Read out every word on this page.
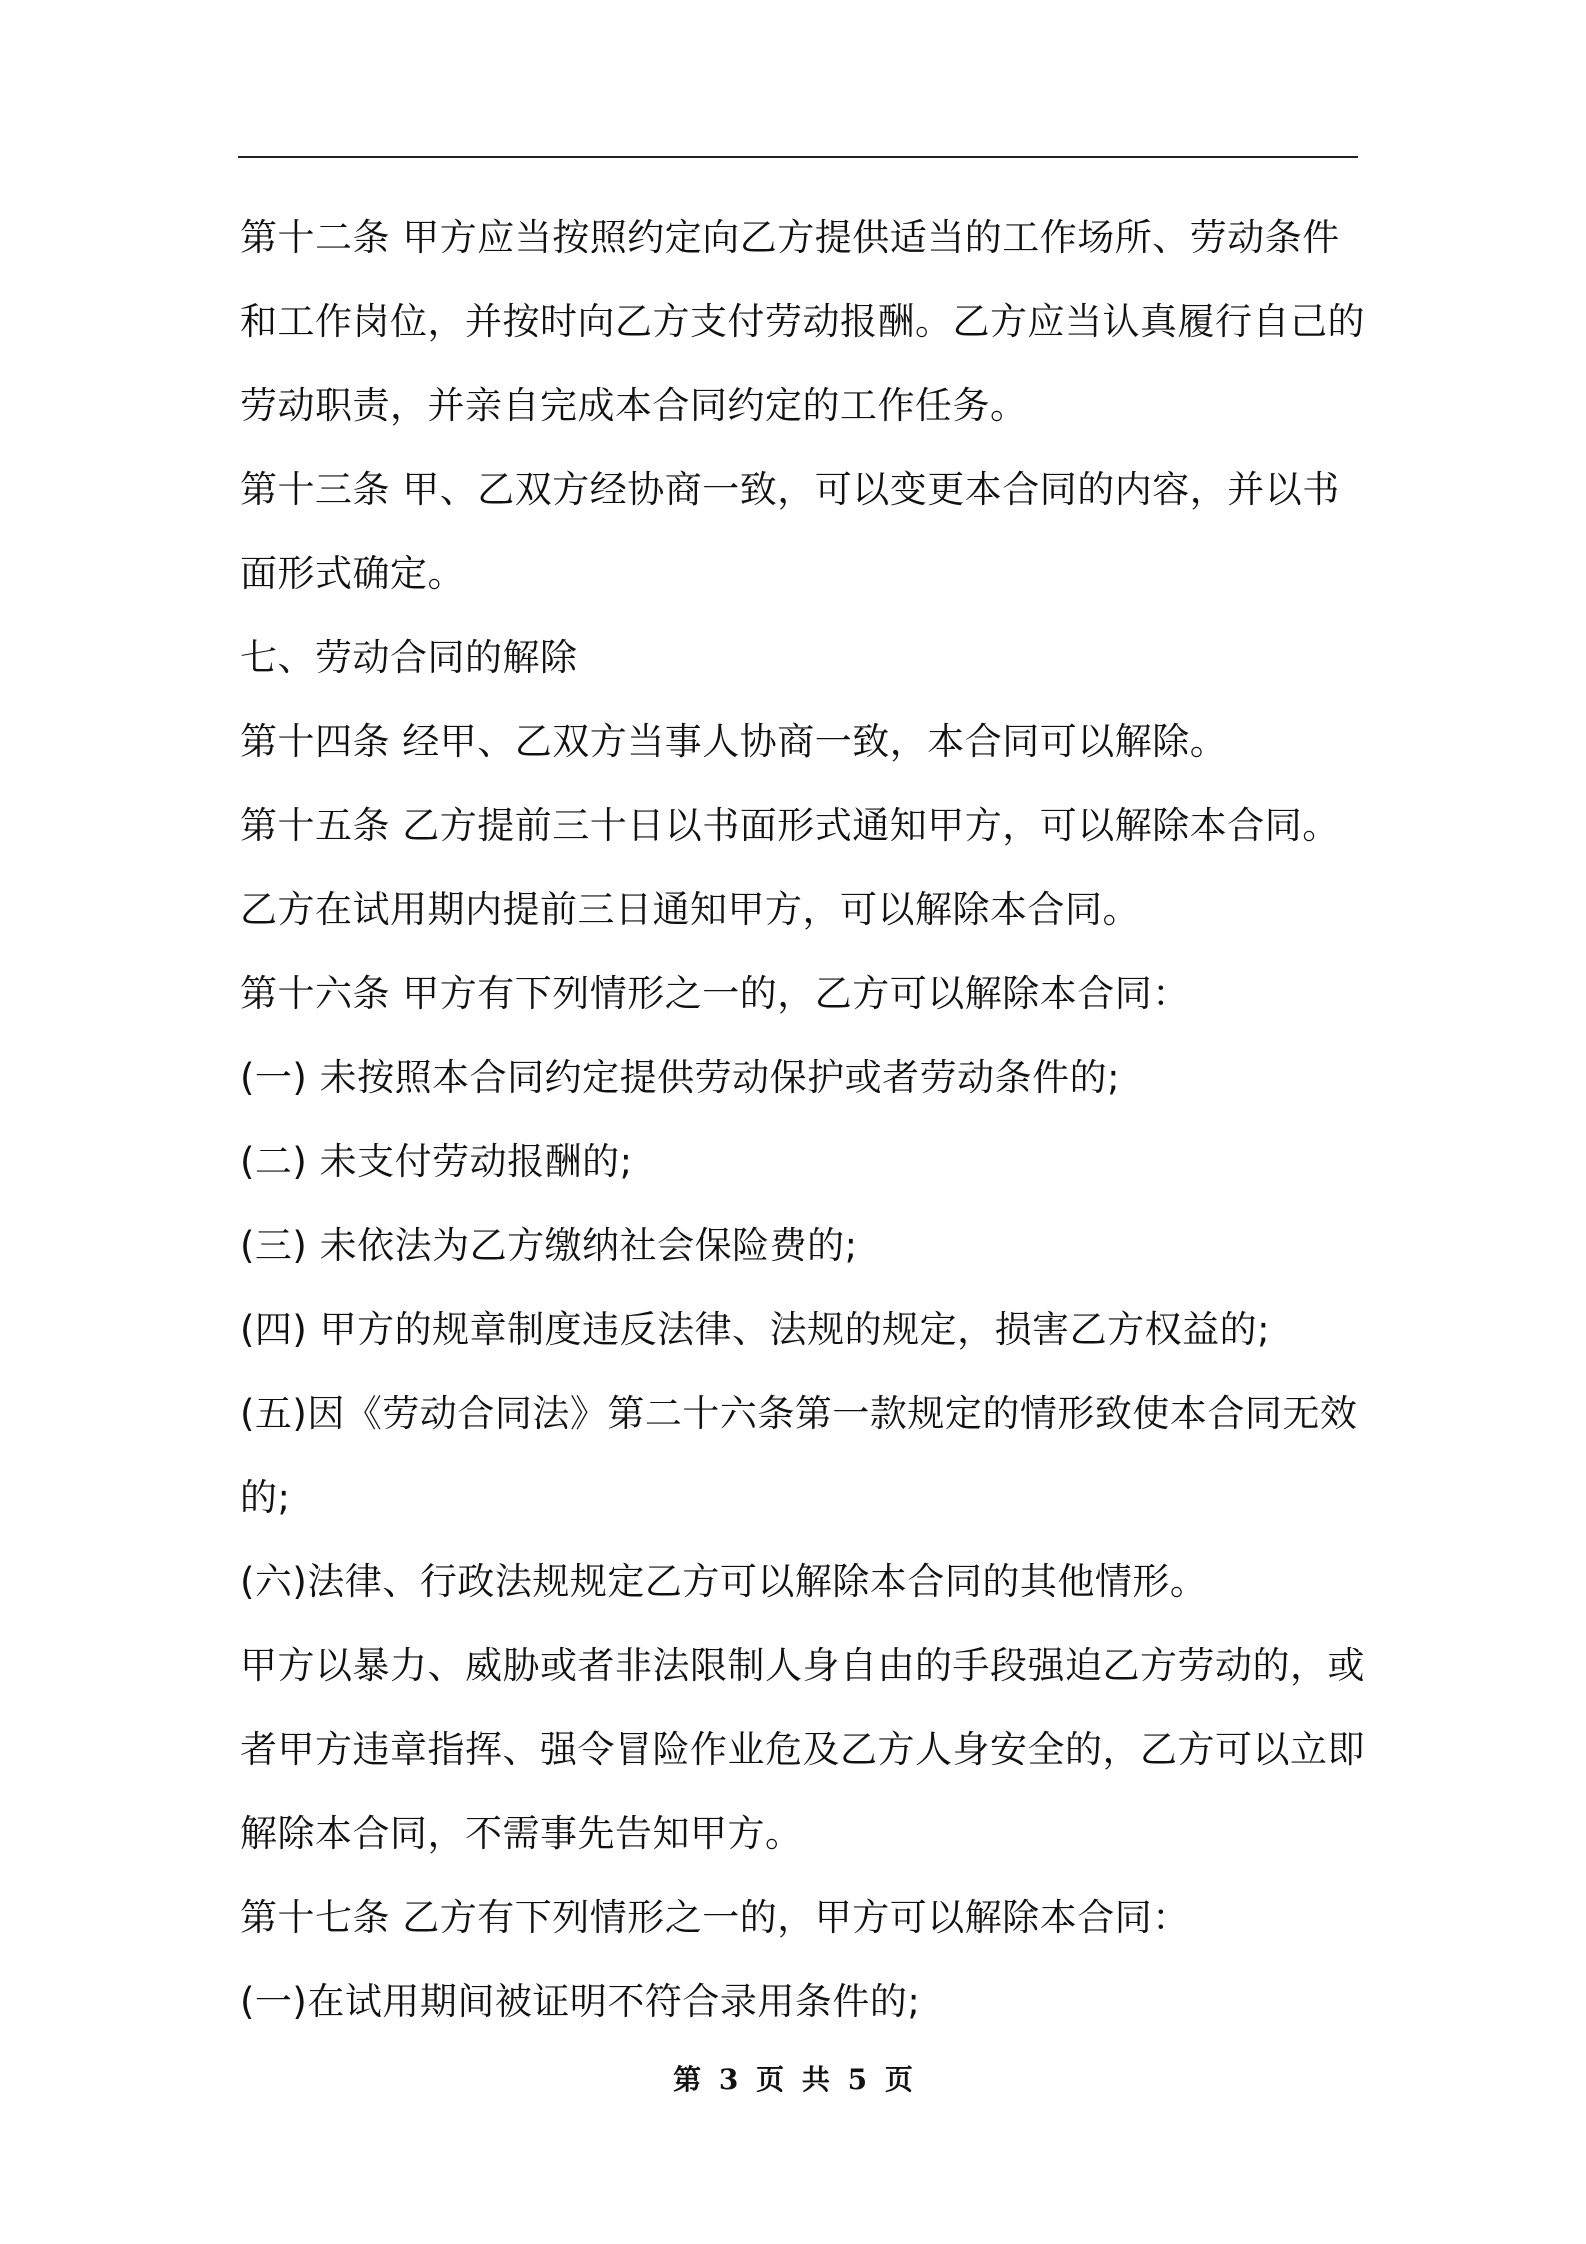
第十二条 甲方应当按照约定向乙方提供适当的工作场所、劳动条件
和工作岗位，并按时向乙方支付劳动报酬。乙方应当认真履行自己的
劳动职责，并亲自完成本合同约定的工作任务。
第十三条 甲、乙双方经协商一致，可以变更本合同的内容，并以书
面形式确定。
七、劳动合同的解除
第十四条 经甲、乙双方当事人协商一致，本合同可以解除。
第十五条 乙方提前三十日以书面形式通知甲方，可以解除本合同。
乙方在试用期内提前三日通知甲方，可以解除本合同。
第十六条 甲方有下列情形之一的，乙方可以解除本合同：
(一) 未按照本合同约定提供劳动保护或者劳动条件的;
(二) 未支付劳动报酬的;
(三) 未依法为乙方缴纳社会保险费的;
(四) 甲方的规章制度违反法律、法规的规定，损害乙方权益的;
(五)因《劳动合同法》第二十六条第一款规定的情形致使本合同无效
的;
(六)法律、行政法规规定乙方可以解除本合同的其他情形。
甲方以暴力、威胁或者非法限制人身自由的手段强迫乙方劳动的，或
者甲方违章指挥、强令冒险作业危及乙方人身安全的，乙方可以立即
解除本合同，不需事先告知甲方。
第十七条 乙方有下列情形之一的，甲方可以解除本合同：
(一)在试用期间被证明不符合录用条件的;
第 3 页 共 5 页
